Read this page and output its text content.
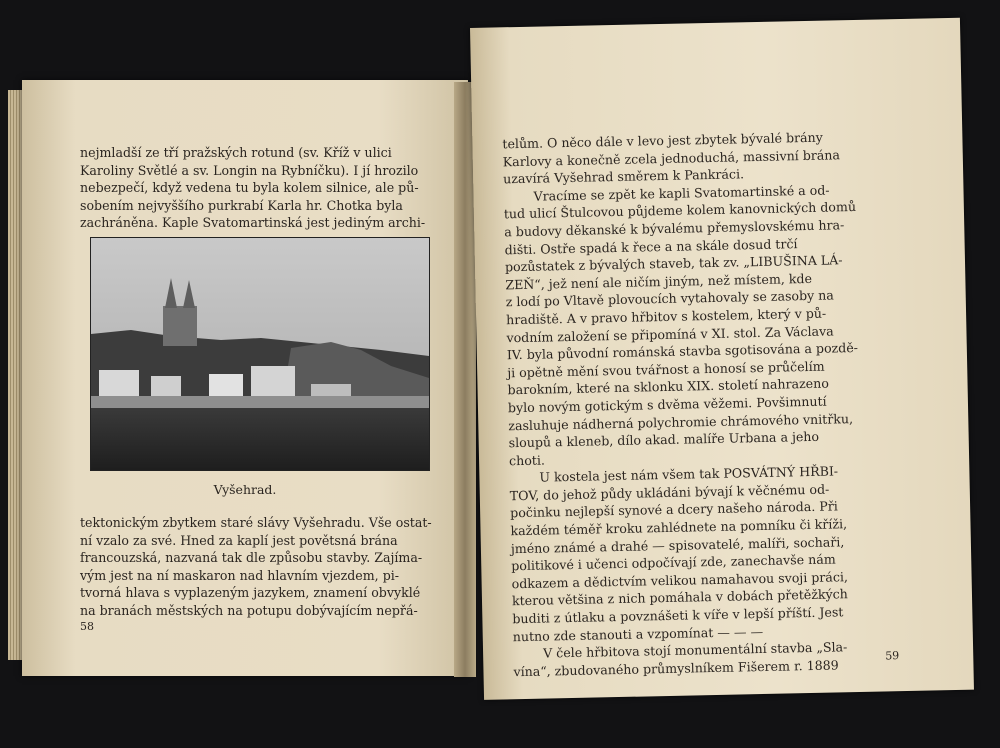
nejmladší ze tří pražských rotund (sv. Kříž v ulici
Karoliny Světlé a sv. Longin na Rybníčku). I jí hrozilo
nebezpečí, když vedena tu byla kolem silnice, ale pů-
sobením nejvyššího purkrabí Karla hr. Chotka byla
zachráněna. Kaple Svatomartinská jest jediným archi-
Vyšehrad.
tektonickým zbytkem staré slávy Vyšehradu. Vše ostat-
ní vzalo za své. Hned za kaplí jest povětsná brána
francouzská, nazvaná tak dle způsobu stavby. Zajíma-
vým jest na ní maskaron nad hlavním vjezdem, pi-
tvorná hlava s vyplazeným jazykem, znamení obvyklé
na branách městských na potupu dobývajícím nepřá-
58
telům. O něco dále v levo jest zbytek bývalé brány
Karlovy a konečně zcela jednoduchá, massivní brána
uzavírá Vyšehrad směrem k Pankráci.
Vracíme se zpět ke kapli Svatomartinské a od-
tud ulicí Štulcovou půjdeme kolem kanovnických domů
a budovy děkanské k bývalému přemyslovskému hra-
dišti. Ostře spadá k řece a na skále dosud trčí
pozůstatek z bývalých staveb, tak zv. „LIBUŠINA LÁ-
ZEŇ“, jež není ale ničím jiným, než místem, kde
z lodí po Vltavě plovoucích vytahovaly se zasoby na
hradiště. A v pravo hřbitov s kostelem, který v pů-
vodním založení se připomíná v XI. stol. Za Václava
IV. byla původní románská stavba sgotisována a pozdě-
ji opětně mění svou tvářnost a honosí se průčelím
barokním, které na sklonku XIX. století nahrazeno
bylo novým gotickým s dvěma věžemi. Povšimnutí
zasluhuje nádherná polychromie chrámového vnitřku,
sloupů a kleneb, dílo akad. malíře Urbana a jeho
choti.
U kostela jest nám všem tak POSVÁTNÝ HŘBI-
TOV, do jehož půdy ukládáni bývají k věčnému od-
počinku nejlepší synové a dcery našeho národa. Při
každém téměř kroku zahlédnete na pomníku či kříži,
jméno známé a drahé — spisovatelé, malíři, sochaři,
politikové i učenci odpočívají zde, zanechavše nám
odkazem a dědictvím velikou namahavou svoji práci,
kterou většina z nich pomáhala v dobách přetěžkých
buditi z útlaku a povznášeti k víře v lepší příští. Jest
nutno zde stanouti a vzpomínat — — —
V čele hřbitova stojí monumentální stavba „Sla-
vína“, zbudovaného průmyslníkem Fišerem r. 1889
59
